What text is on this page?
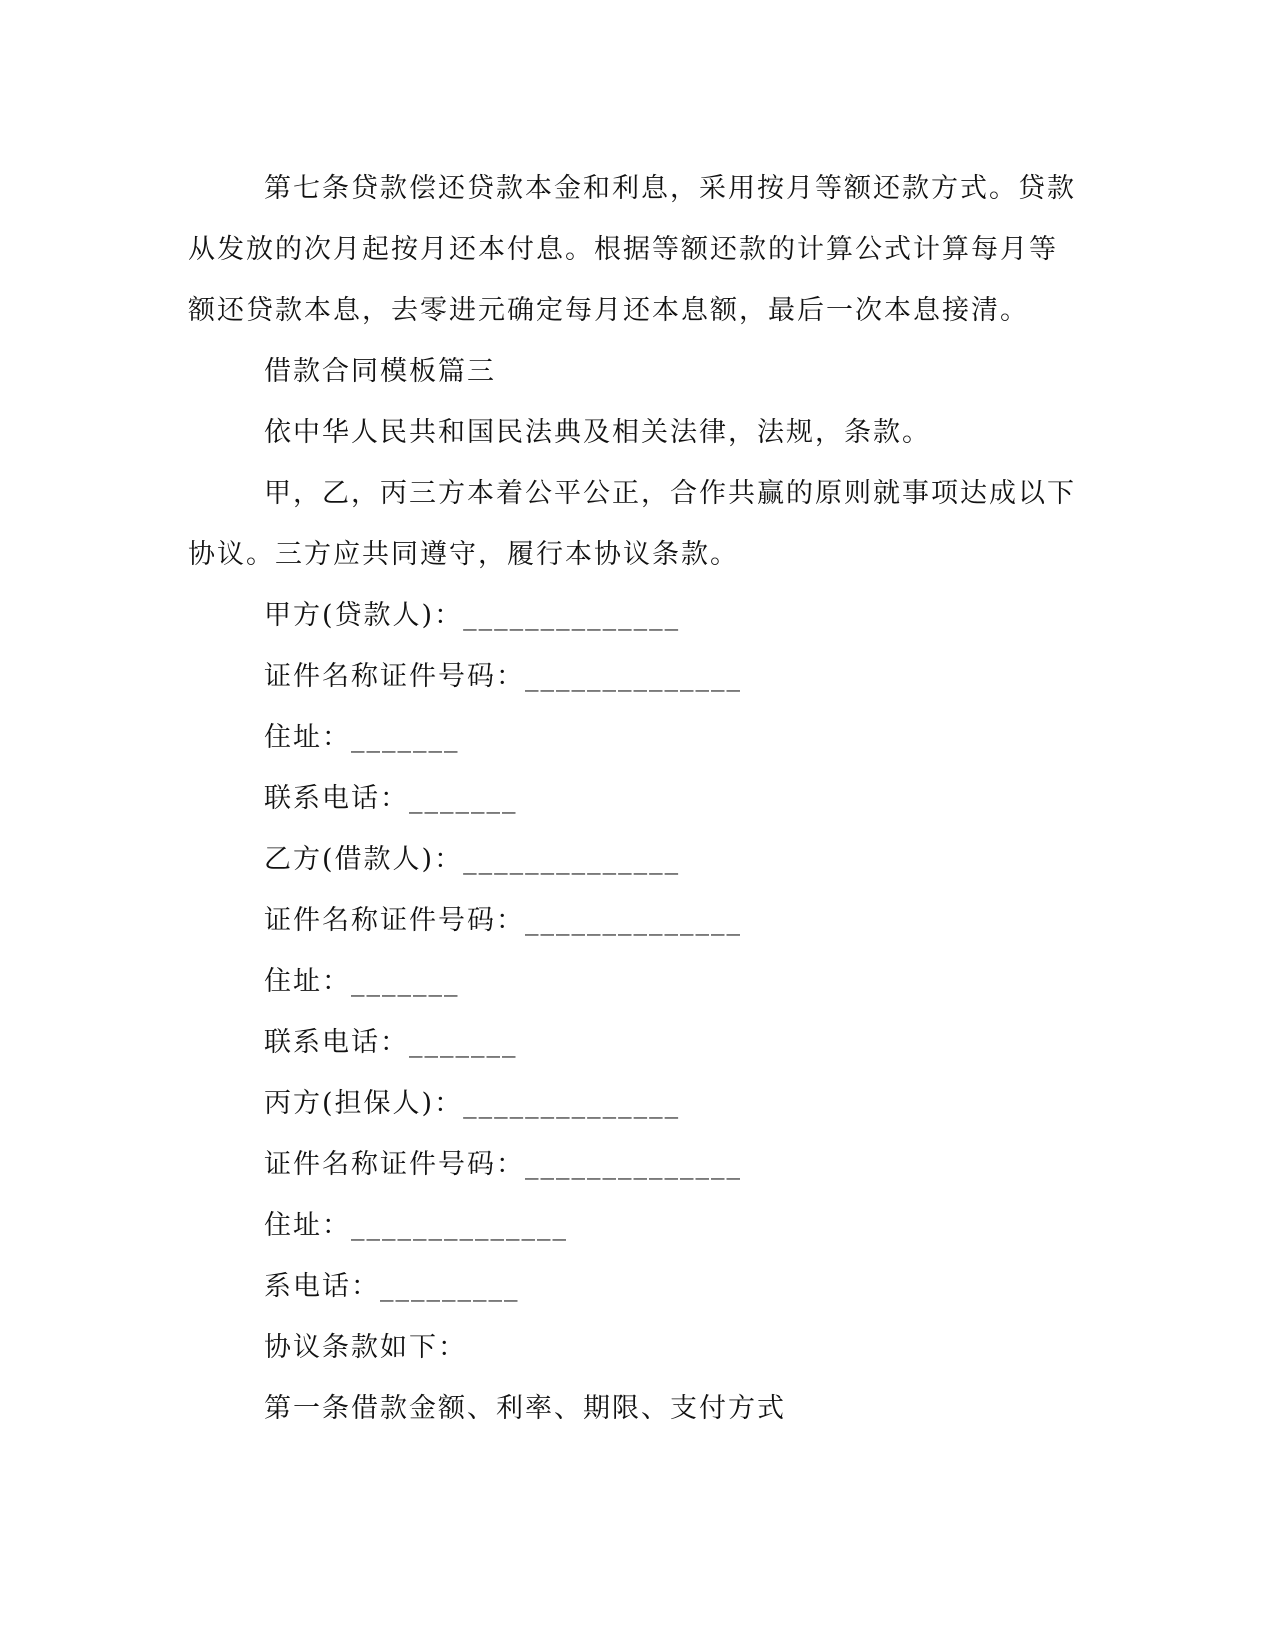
第七条贷款偿还贷款本金和利息，采用按月等额还款方式。贷款从发放的次月起按月还本付息。根据等额还款的计算公式计算每月等额还贷款本息，去零进元确定每月还本息额，最后一次本息接清。

借款合同模板篇三

依中华人民共和国民法典及相关法律，法规，条款。

甲，乙，丙三方本着公平公正，合作共赢的原则就事项达成以下协议。三方应共同遵守，履行本协议条款。

甲方(贷款人)：______________

证件名称证件号码：______________

住址：_______

联系电话：_______

乙方(借款人)：______________

证件名称证件号码：______________

住址：_______

联系电话：_______

丙方(担保人)：______________

证件名称证件号码：______________

住址：______________

系电话：_________

协议条款如下：

第一条借款金额、利率、期限、支付方式
